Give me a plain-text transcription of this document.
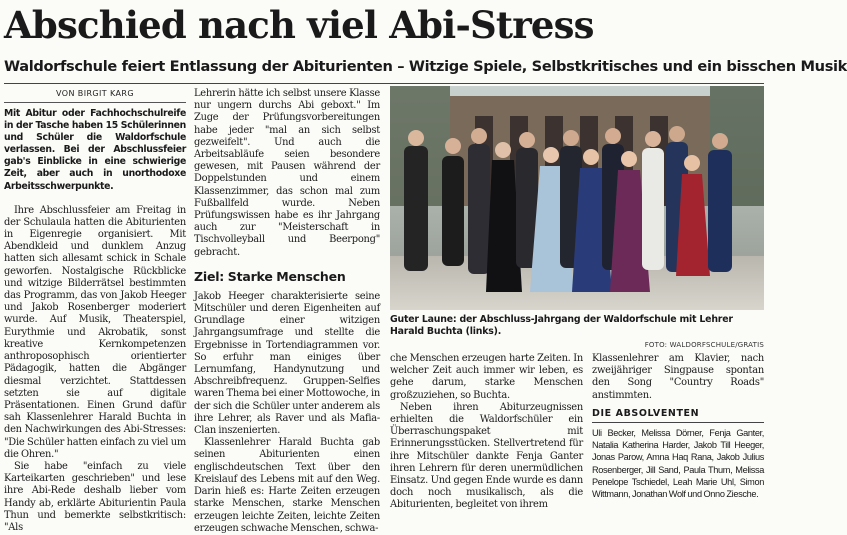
Abschied nach viel Abi-Stress
Waldorfschule feiert Entlassung der Abiturienten – Witzige Spiele, Selbstkritisches und ein bisschen Musik
VON BIRGIT KARG

Mit Abitur oder Fachhochschulreife in der Tasche haben 15 Schülerinnen und Schüler die Waldorfschule verlassen. Bei der Abschlussfeier gab's Einblicke in eine schwierige Zeit, aber auch in unorthodoxe Arbeitsschwerpunkte.

Ihre Abschlussfeier am Freitag in der Schulaula hatten die Abiturienten in Eigenregie organisiert. Mit Abendkleid und dunklem Anzug hatten sich allesamt schick in Schale geworfen. Nostalgische Rückblicke und witzige Bilderrätsel bestimmten das Programm, das von Jakob Heeger und Jakob Rosenberger moderiert wurde. Auf Musik, Theaterspiel, Eurythmie und Akrobatik, sonst kreative Kernkompetenzen anthroposophisch orientierter Pädagogik, hatten die Abgänger diesmal verzichtet. Stattdessen setzten sie auf digitale Präsentationen. Einen Grund dafür sah Klassenlehrer Harald Buchta in den Nachwirkungen des Abi-Stresses: "Die Schüler hatten einfach zu viel um die Ohren."

Sie habe "einfach zu viele Karteikarten geschrieben" und lese ihre Abi-Rede deshalb lieber vom Handy ab, erklärte Abiturientin Paula Thun und bemerkte selbstkritisch: "Als

Lehrerin hätte ich selbst unsere Klasse nur ungern durchs Abi geboxt." Im Zuge der Prüfungsvorbereitungen habe jeder "mal an sich selbst gezweifelt". Und auch die Arbeitsabläufe seien besondere gewesen, mit Pausen während der Doppelstunden und einem Klassenzimmer, das schon mal zum Fußballfeld wurde. Neben Prüfungswissen habe es ihr Jahrgang auch zur "Meisterschaft in Tischvolleyball und Beerpong" gebracht.

Ziel: Starke Menschen

Jakob Heeger charakterisierte seine Mitschüler und deren Eigenheiten auf Grundlage einer witzigen Jahrgangsumfrage und stellte die Ergebnisse in Tortendiagrammen vor. So erfuhr man einiges über Lernumfang, Handynutzung und Abschreibfrequenz. Gruppen-Selfies waren Thema bei einer Mottowoche, in der sich die Schüler unter anderem als ihre Lehrer, als Raver und als Mafia-Clan inszenierten.

Klassenlehrer Harald Buchta gab seinen Abiturienten einen englischdeutschen Text über den Kreislauf des Lebens mit auf den Weg. Darin hieß es: Harte Zeiten erzeugen starke Menschen, starke Menschen erzeugen leichte Zeiten, leichte Zeiten erzeugen schwache Menschen, schwa-

Guter Laune: der Abschluss-Jahrgang der Waldorfschule mit Lehrer Harald Buchta (links).
FOTO: WALDORFSCHULE/GRATIS

che Menschen erzeugen harte Zeiten. In welcher Zeit auch immer wir leben, es gehe darum, starke Menschen großzuziehen, so Buchta.

Neben ihren Abiturzeugnissen erhielten die Waldorfschüler ein Überraschungspaket mit Erinnerungsstücken. Stellvertretend für ihre Mitschüler dankte Fenja Ganter ihren Lehrern für deren unermüdlichen Einsatz. Und gegen Ende wurde es dann doch noch musikalisch, als die Abiturienten, begleitet von ihrem

Klassenlehrer am Klavier, nach zweijähriger Singpause spontan den Song "Country Roads" anstimmten.

DIE ABSOLVENTEN
Uli Becker, Melissa Dörner, Fenja Ganter, Natalia Katherina Harder, Jakob Till Heeger, Jonas Parow, Amna Haq Rana, Jakob Julius Rosenberger, Jill Sand, Paula Thum, Melissa Penelope Tschiedel, Leah Marie Uhl, Simon Wittmann, Jonathan Wolf und Onno Ziesche.
